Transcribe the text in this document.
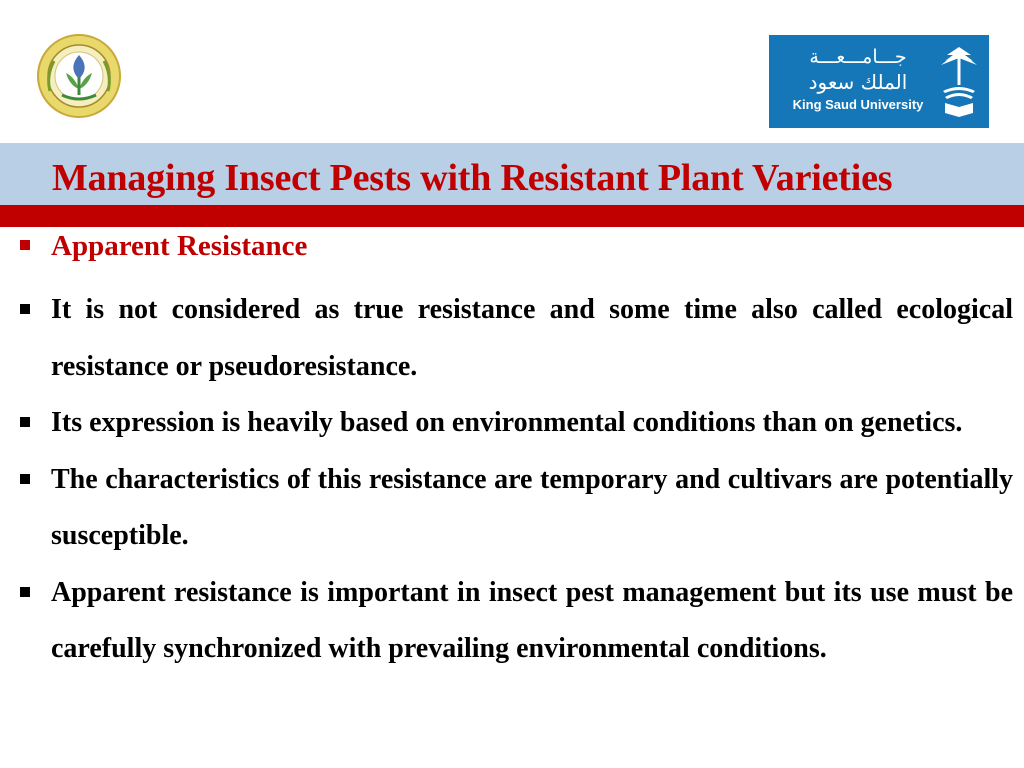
جـــامـــعـــة
الملك سعود
King Saud University
Managing Insect Pests with Resistant Plant Varieties
Apparent Resistance
It is not considered as true resistance and some time also called ecological resistance or pseudoresistance.
Its expression is heavily based on environmental conditions than on genetics.
The characteristics of this resistance are temporary and cultivars are potentially susceptible.
Apparent resistance is important in insect pest management but its use must be carefully synchronized with prevailing environmental conditions.
